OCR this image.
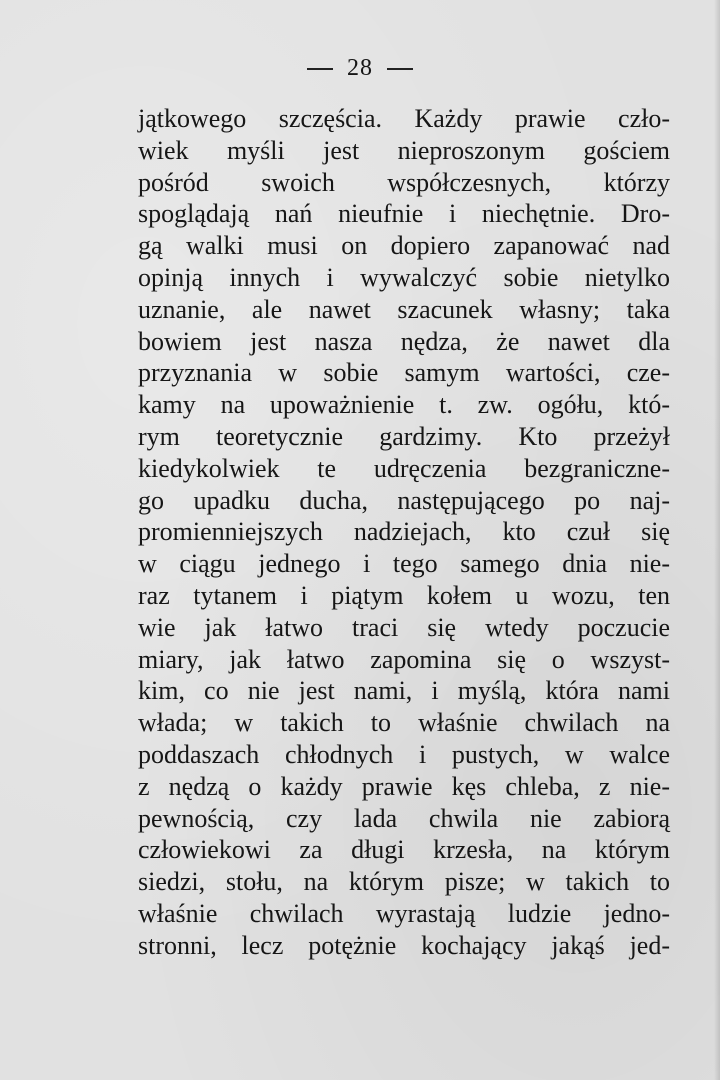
28
jątkowego szczęścia. Każdy prawie czło-
wiek myśli jest nieproszonym gościem
pośród swoich współczesnych, którzy
spoglądają nań nieufnie i niechętnie. Dro-
gą walki musi on dopiero zapanować nad
opinją innych i wywalczyć sobie nietylko
uznanie, ale nawet szacunek własny; taka
bowiem jest nasza nędza, że nawet dla
przyznania w sobie samym wartości, cze-
kamy na upoważnienie t. zw. ogółu, któ-
rym teoretycznie gardzimy. Kto przeżył
kiedykolwiek te udręczenia bezgraniczne-
go upadku ducha, następującego po naj-
promienniejszych nadziejach, kto czuł się
w ciągu jednego i tego samego dnia nie-
raz tytanem i piątym kołem u wozu, ten
wie jak łatwo traci się wtedy poczucie
miary, jak łatwo zapomina się o wszyst-
kim, co nie jest nami, i myślą, która nami
włada; w takich to właśnie chwilach na
poddaszach chłodnych i pustych, w walce
z nędzą o każdy prawie kęs chleba, z nie-
pewnością, czy lada chwila nie zabiorą
człowiekowi za długi krzesła, na którym
siedzi, stołu, na którym pisze; w takich to
właśnie chwilach wyrastają ludzie jedno-
stronni, lecz potężnie kochający jakąś jed-
